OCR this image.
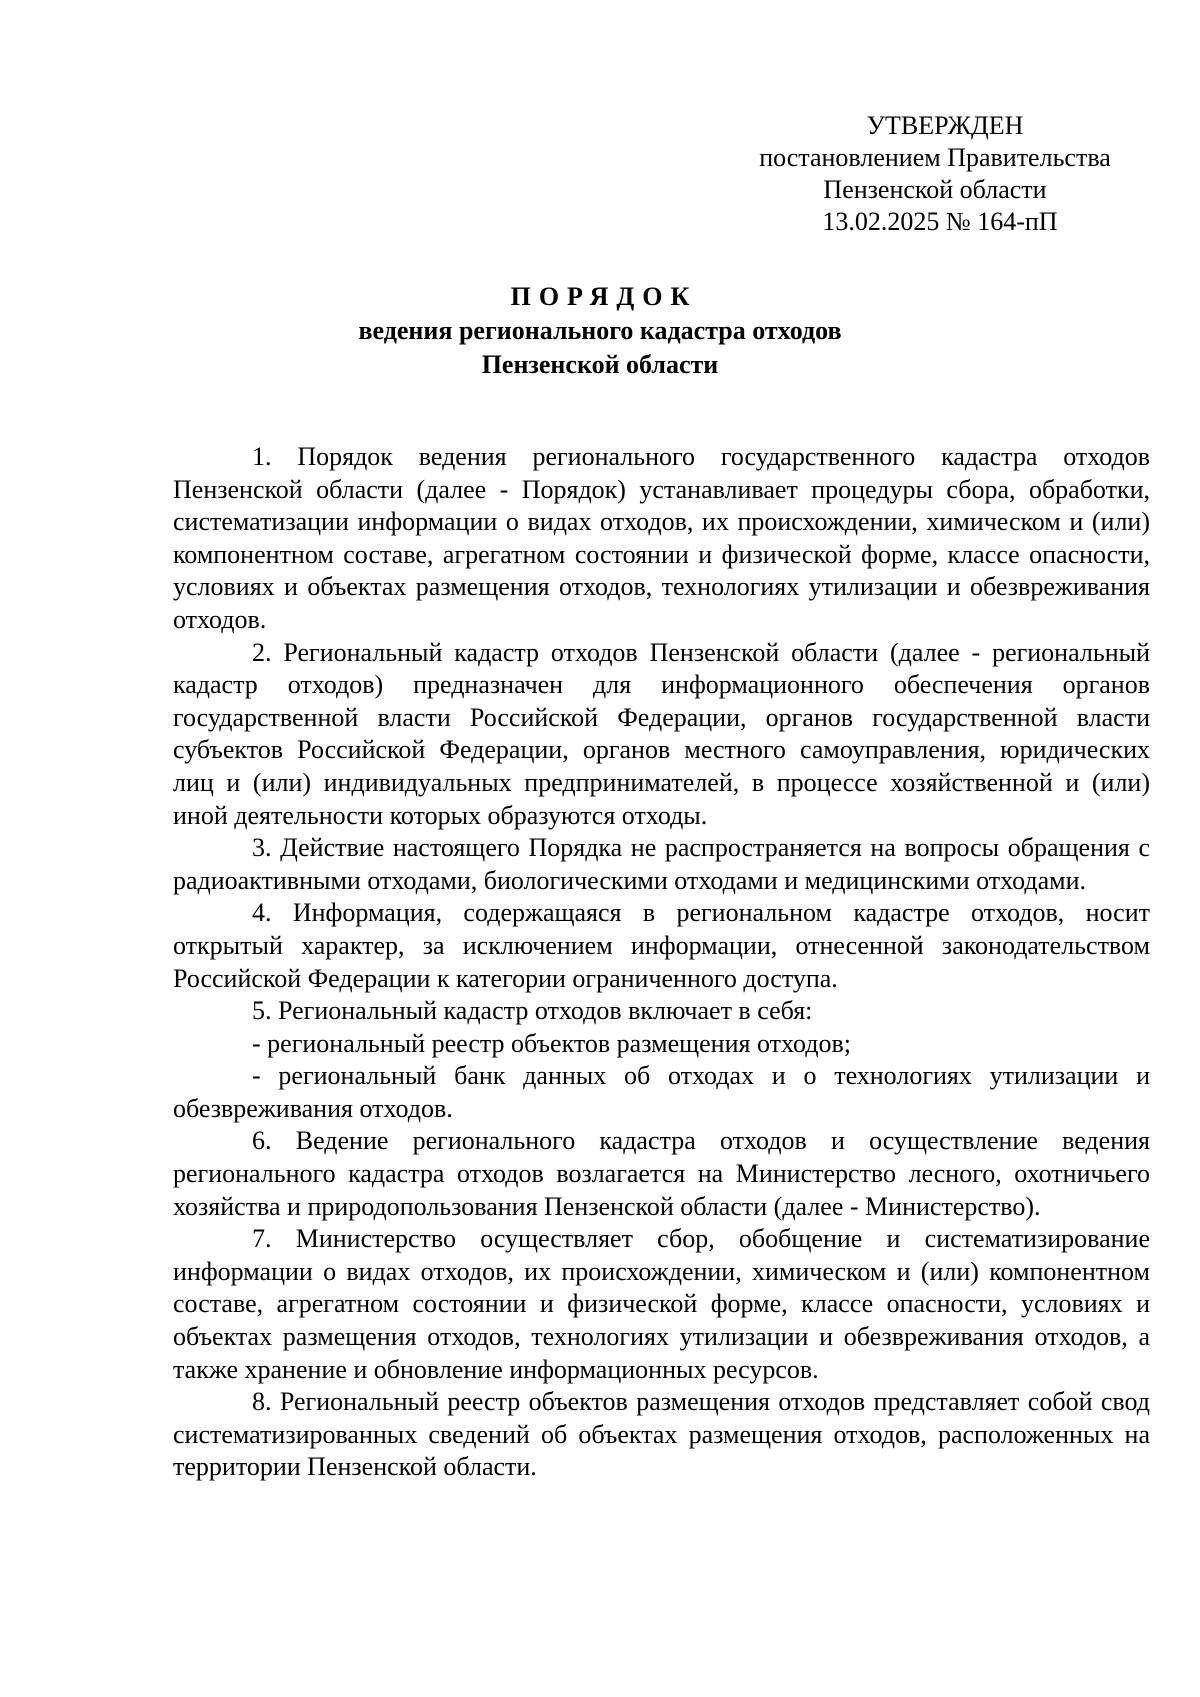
УТВЕРЖДЕН
постановлением Правительства
Пензенской области
13.02.2025 № 164-пП
ПОРЯДОК
ведения регионального кадастра отходов
Пензенской области

1. Порядок ведения регионального государственного кадастра отходов Пензенской области (далее - Порядок) устанавливает процедуры сбора, обработки, систематизации информации о видах отходов, их происхождении, химическом и (или) компонентном составе, агрегатном состоянии и физической форме, классе опасности, условиях и объектах размещения отходов, технологиях утилизации и обезвреживания отходов.

2. Региональный кадастр отходов Пензенской области (далее - региональный кадастр отходов) предназначен для информационного обеспечения органов государственной власти Российской Федерации, органов государственной власти субъектов Российской Федерации, органов местного самоуправления, юридических лиц и (или) индивидуальных предпринимателей, в процессе хозяйственной и (или) иной деятельности которых образуются отходы.

3. Действие настоящего Порядка не распространяется на вопросы обращения с радиоактивными отходами, биологическими отходами и медицинскими отходами.

4. Информация, содержащаяся в региональном кадастре отходов, носит открытый характер, за исключением информации, отнесенной законодательством Российской Федерации к категории ограниченного доступа.

5. Региональный кадастр отходов включает в себя:

- региональный реестр объектов размещения отходов;

- региональный банк данных об отходах и о технологиях утилизации и обезвреживания отходов.

6. Ведение регионального кадастра отходов и осуществление ведения регионального кадастра отходов возлагается на Министерство лесного, охотничьего хозяйства и природопользования Пензенской области (далее - Министерство).

7. Министерство осуществляет сбор, обобщение и систематизирование информации о видах отходов, их происхождении, химическом и (или) компонентном составе, агрегатном состоянии и физической форме, классе опасности, условиях и объектах размещения отходов, технологиях утилизации и обезвреживания отходов, а также хранение и обновление информационных ресурсов.

8. Региональный реестр объектов размещения отходов представляет собой свод систематизированных сведений об объектах размещения отходов, расположенных на территории Пензенской области.
